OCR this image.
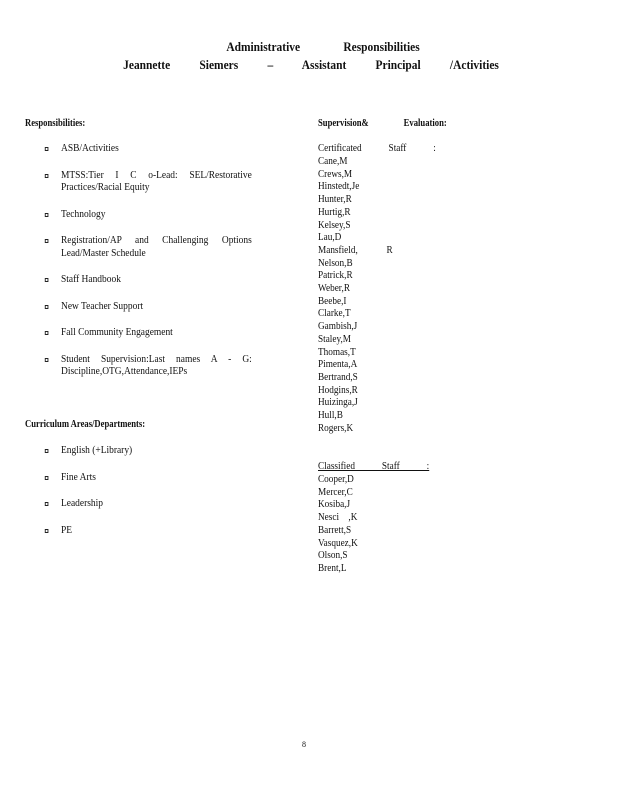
Administrative Responsibilities
Jeannette Siemers – Assistant Principal /Activities
Responsibilities:
ASB/Activities
MTSS:Tier I C o-Lead: SEL/Restorative Practices/Racial Equity
Technology
Registration/AP and Challenging Options Lead/Master Schedule
Staff Handbook
New Teacher Support
Fall Community Engagement
Student Supervision:Last names A - G: Discipline,OTG,Attendance,IEPs
Curriculum Areas/Departments:
English (+Library)
Fine Arts
Leadership
PE
Supervision& Evaluation:
Certificated Staff :
Cane,M
Crews,M
Hinstedt,Je
Hunter,R
Hurtig,R
Kelsey,S
Lau,D
Mansfield, R
Nelson,B
Patrick,R
Weber,R
Beebe,I
Clarke,T
Gambish,J
Staley,M
Thomas,T
Pimenta,A
Bertrand,S
Hodgins,R
Huizinga,J
Hull,B
Rogers,K
Classified Staff :
Cooper,D
Mercer,C
Kosiba,J
Nesci ,K
Barrett,S
Vasquez,K
Olson,S
Brent,L
8
